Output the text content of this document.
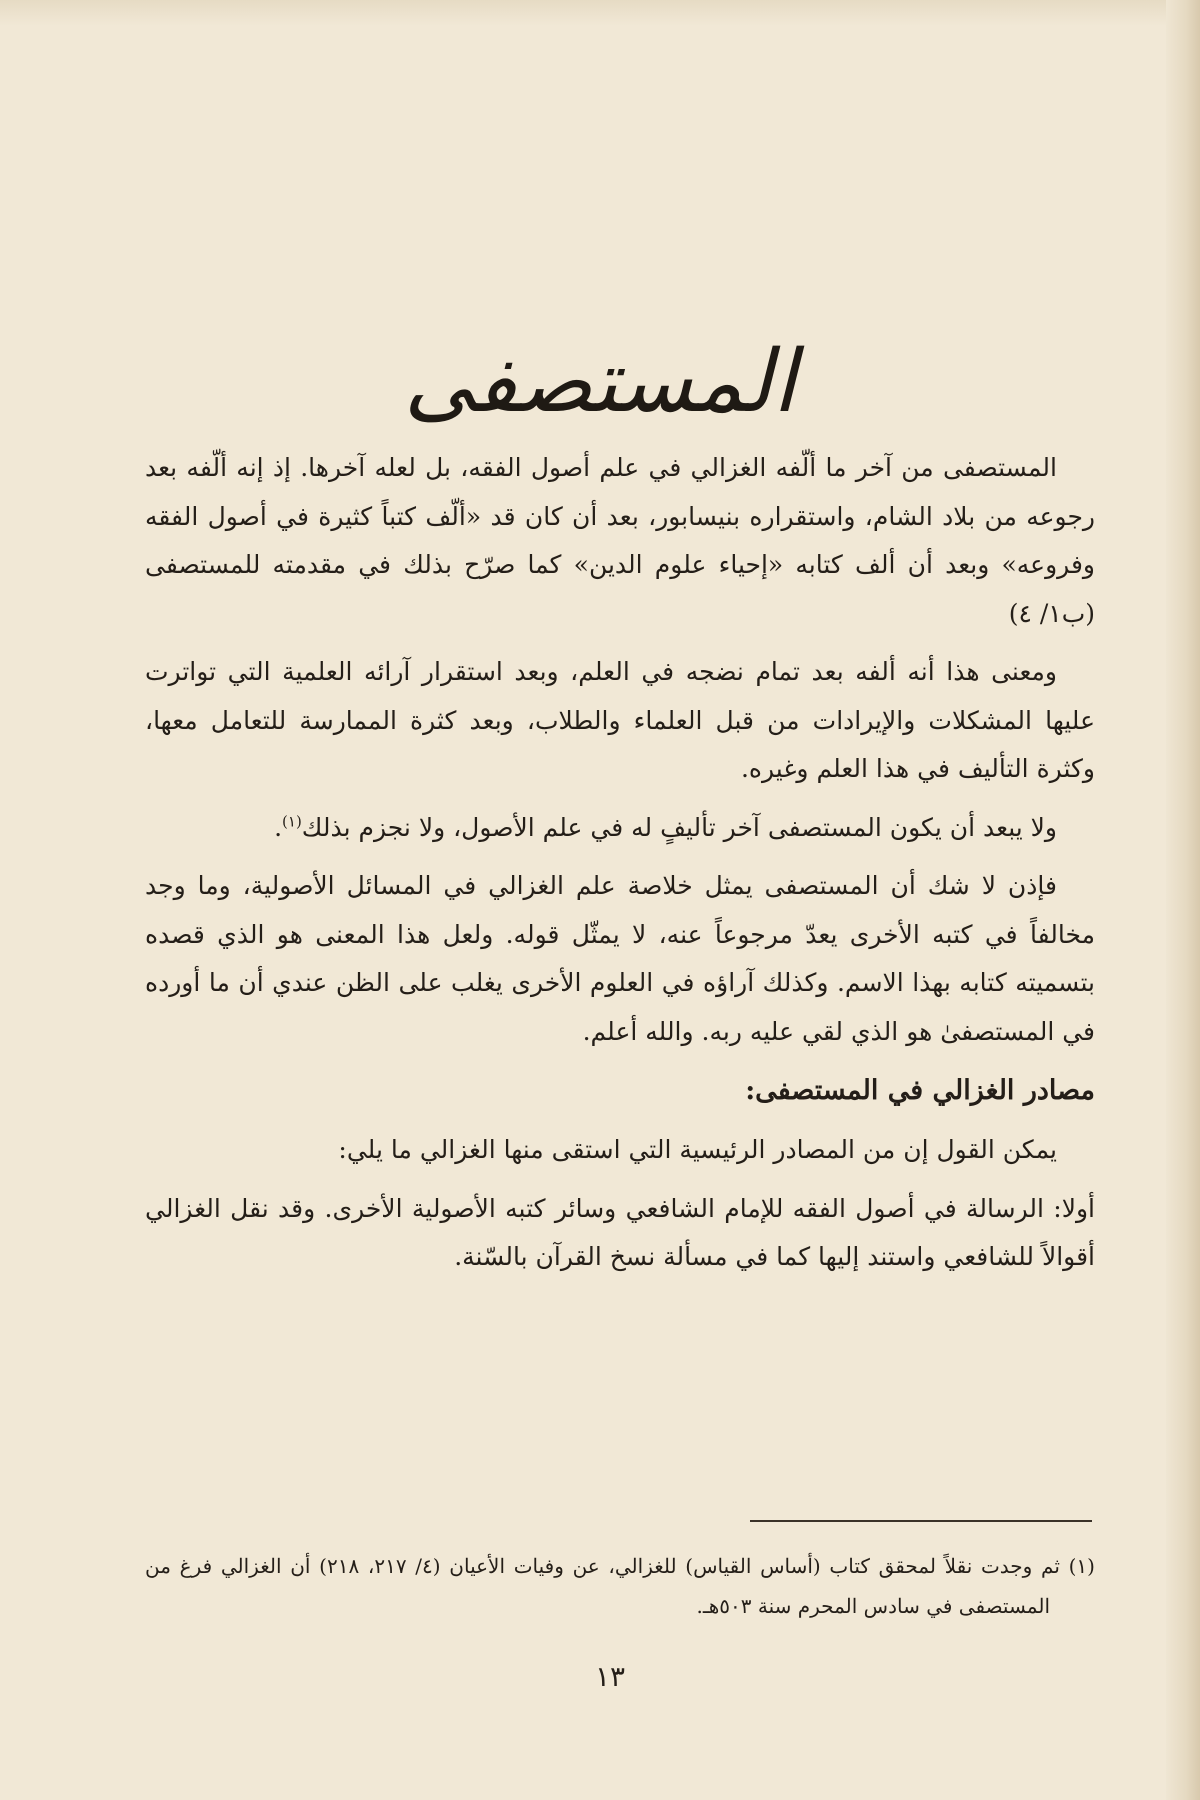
المستصفى

المستصفى من آخر ما ألّفه الغزالي في علم أصول الفقه، بل لعله آخرها. إذ إنه ألّفه بعد رجوعه من بلاد الشام، واستقراره بنيسابور، بعد أن كان قد «ألّف كتباً كثيرة في أصول الفقه وفروعه» وبعد أن ألف كتابه «إحياء علوم الدين» كما صرّح بذلك في مقدمته للمستصفى (ب١/ ٤)

ومعنى هذا أنه ألفه بعد تمام نضجه في العلم، وبعد استقرار آرائه العلمية التي تواترت عليها المشكلات والإيرادات من قبل العلماء والطلاب، وبعد كثرة الممارسة للتعامل معها، وكثرة التأليف في هذا العلم وغيره.

ولا يبعد أن يكون المستصفى آخر تأليفٍ له في علم الأصول، ولا نجزم بذلك$^{(١)}$.

فإذن لا شك أن المستصفى يمثل خلاصة علم الغزالي في المسائل الأصولية، وما وجد مخالفاً في كتبه الأخرى يعدّ مرجوعاً عنه، لا يمثّل قوله. ولعل هذا المعنى هو الذي قصده بتسميته كتابه بهذا الاسم. وكذلك آراؤه في العلوم الأخرى يغلب على الظن عندي أن ما أورده في المستصفىٰ هو الذي لقي عليه ربه. والله أعلم.

مصادر الغزالي في المستصفى:

يمكن القول إن من المصادر الرئيسية التي استقى منها الغزالي ما يلي:

أولا: الرسالة في أصول الفقه للإمام الشافعي وسائر كتبه الأصولية الأخرى. وقد نقل الغزالي أقوالاً للشافعي واستند إليها كما في مسألة نسخ القرآن بالسّنة.

(١) ثم وجدت نقلاً لمحقق كتاب (أساس القياس) للغزالي، عن وفيات الأعيان (٤/ ٢١٧، ٢١٨) أن الغزالي فرغ من المستصفى في سادس المحرم سنة ٥٠٣هـ.

١٣
